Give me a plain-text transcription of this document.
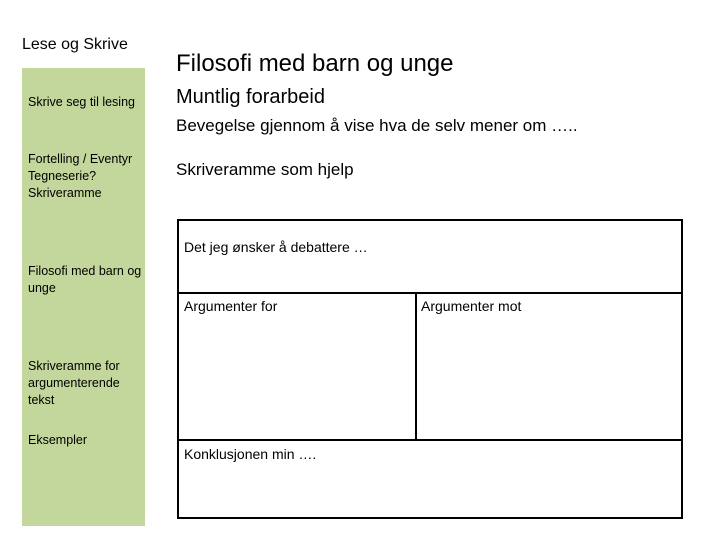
Lese og Skrive
Skrive seg til lesing
Fortelling / Eventyr Tegneserie? Skriveramme
Filosofi med barn og unge
Skriveramme for argumenterende tekst
Eksempler
Filosofi med barn og unge
Muntlig forarbeid
Bevegelse gjennom å vise hva de selv mener om …..
Skriveramme som hjelp
Det jeg ønsker å debattere …
Argumenter for	Argumenter mot
Konklusjonen min ….
